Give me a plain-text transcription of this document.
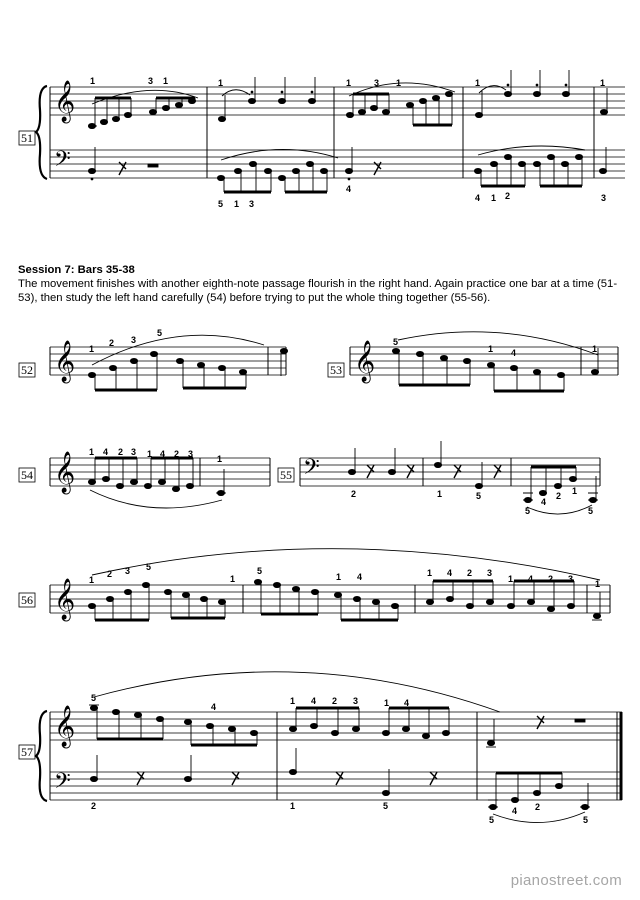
51
𝄞
𝄢
1	3 1	1	1	3 1	1	1
5 1 3
4
4 1 2	3
52 𝄞 1
2 3
5
53 𝄞 5
1 4	1
54 𝄞 1 4 2 3 1 4 2 3	1
55 𝄢
2	1	5
5
4
2 1
5
56 𝄞 1
2 3 5
1
5
1 4	1 4 2 3
1 4 2 3 1
57
𝄞
𝄢
5
4
1 4 2 3	1 4
2	1	5
5
4 2
5
Session 7: Bars 35-38
The movement finishes with another eighth-note passage flourish in the right hand. Again practice one bar at a time (51-53), then study the left hand carefully (54) before trying to put the whole thing together (55-56).
pianostreet.com
